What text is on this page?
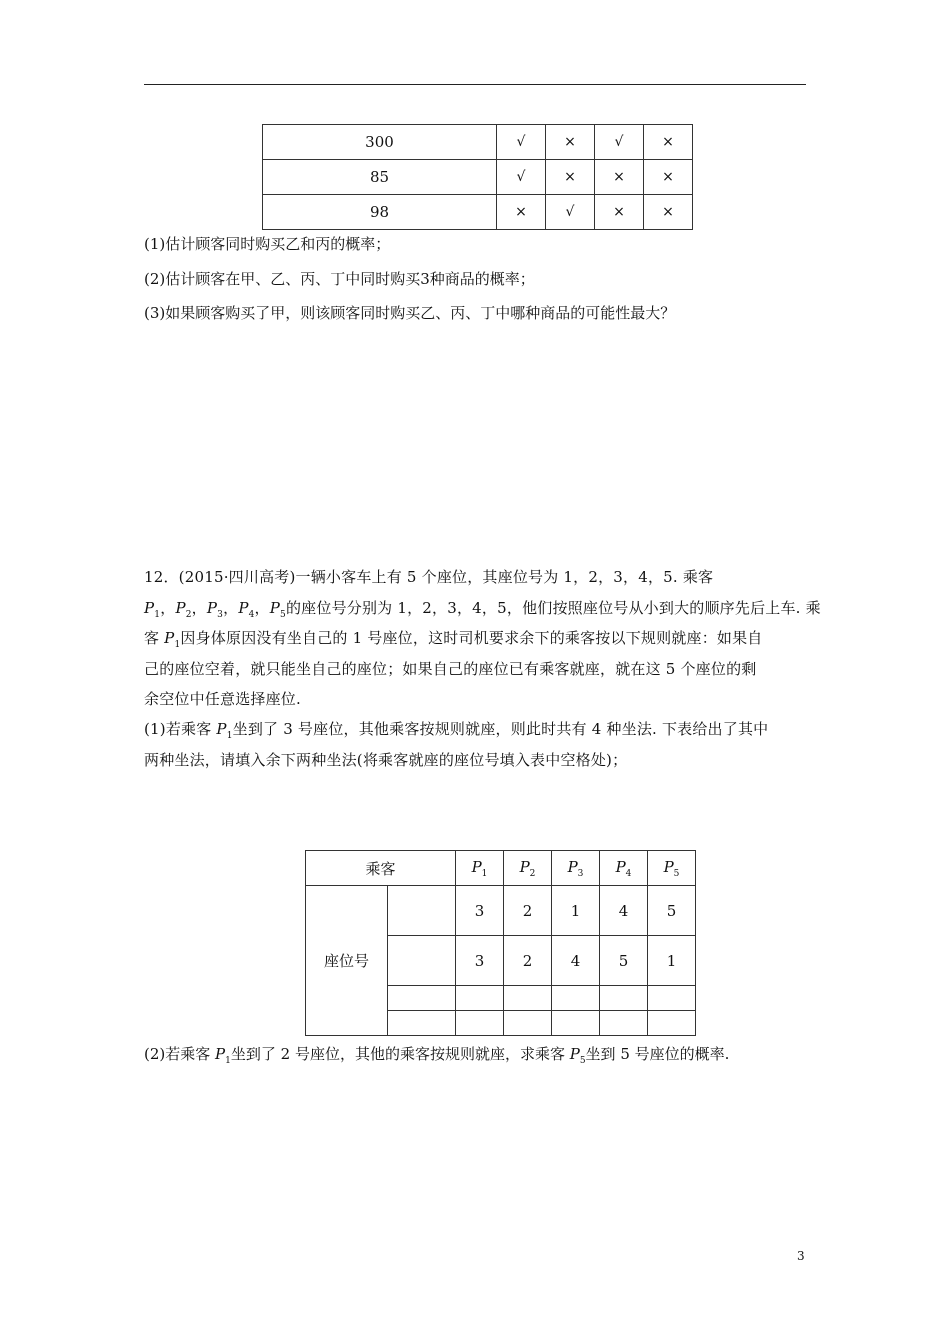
300	√	×	√	×
85	√	×	×	×
98	×	√	×	×
(1)估计顾客同时购买乙和丙的概率；
(2)估计顾客在甲、乙、丙、丁中同时购买3种商品的概率；
(3)如果顾客购买了甲，则该顾客同时购买乙、丙、丁中哪种商品的可能性最大？
12．(2015·四川高考)一辆小客车上有 5 个座位，其座位号为 1，2，3，4，5. 乘客
$P_1$，$P_2$，$P_3$，$P_4$，$P_5$的座位号分别为 1，2，3，4，5，他们按照座位号从小到大的顺序先后上车. 乘
客 $P_1$因身体原因没有坐自己的 1 号座位，这时司机要求余下的乘客按以下规则就座：如果自
己的座位空着，就只能坐自己的座位；如果自己的座位已有乘客就座，就在这 5 个座位的剩
余空位中任意选择座位.
(1)若乘客 $P_1$坐到了 3 号座位，其他乘客按规则就座，则此时共有 4 种坐法. 下表给出了其中
两种坐法，请填入余下两种坐法(将乘客就座的座位号填入表中空格处)；
乘客		$P_1$	$P_2$	$P_3$	$P_4$	$P_5$
座位号		3	2	1	4	5
		3	2	4	5	1

(2)若乘客 $P_1$坐到了 2 号座位，其他的乘客按规则就座，求乘客 $P_5$坐到 5 号座位的概率.
3
